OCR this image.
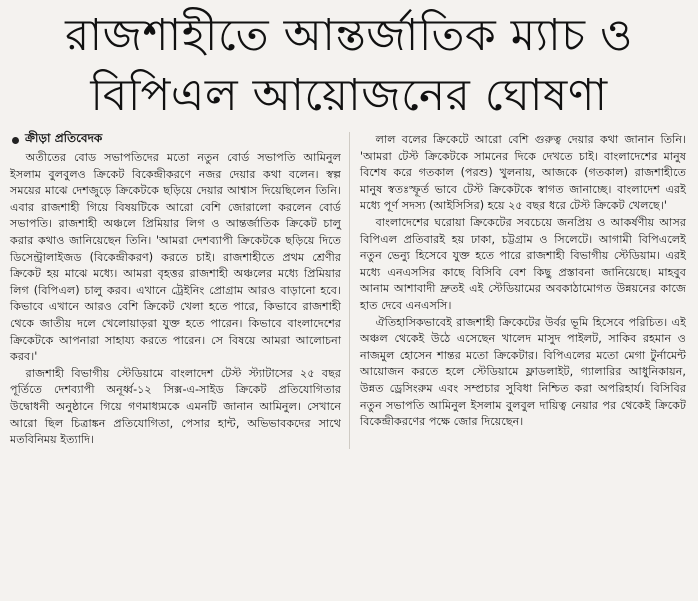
রাজশাহীতে আন্তর্জাতিক ম্যাচ ও
বিপিএল আয়োজনের ঘোষণা
ক্রীড়া প্রতিবেদক

অতীতের বোড সভাপতিদের মতো নতুন বোর্ড সভাপতি আমিনুল ইসলাম বুলবুলও ক্রিকেট বিকেন্দ্রীকরণে নজর দেয়ার কথা বলেন। স্বল্প সময়ের মাঝে দেশজুড়ে ক্রিকেটকে ছড়িয়ে দেয়ার আশ্বাস দিয়েছিলেন তিনি। এবার রাজশাহী গিয়ে বিষয়টিকে আরো বেশি জোরালো করলেন বোর্ড সভাপতি। রাজশাহী অঞ্চলে প্রিমিয়ার লিগ ও আন্তর্জাতিক ক্রিকেট চালু করার কথাও জানিয়েছেন তিনি। 'আমরা দেশব্যাপী ক্রিকেটকে ছড়িয়ে দিতে ডিসেন্ট্রালাইজড (বিকেন্দ্রীকরণ) করতে চাই। রাজশাহীতে প্রথম শ্রেণীর ক্রিকেট হয় মাঝে মধ্যে। আমরা বৃহত্তর রাজশাহী অঞ্চলের মধ্যে প্রিমিয়ার লিগ (বিপিএল) চালু করব। এখানে ট্রেইনিং প্রোগ্রাম আরও বাড়ানো হবে। কিভাবে এখানে আরও বেশি ক্রিকেট খেলা হতে পারে, কিভাবে রাজশাহী থেকে জাতীয় দলে খেলোয়াড়রা যুক্ত হতে পারেন। কিভাবে বাংলাদেশের ক্রিকেটকে আপনারা সাহায্য করতে পারেন। সে বিষয়ে আমরা আলোচনা করব।'

রাজশাহী বিভাগীয় স্টেডিয়ামে বাংলাদেশ টেস্ট স্ট্যাটাসের ২৫ বছর পূর্তিতে দেশব্যাপী অনূর্ধ্ব-১২ সিক্স-এ-সাইড ক্রিকেট প্রতিযোগিতার উদ্বোধনী অনুষ্ঠানে গিয়ে গণমাধ্যমকে এমনটি জানান আমিনুল। সেখানে আরো ছিল চিত্রাঙ্কন প্রতিযোগিতা, পেসার হান্ট, অভিভাবকদের সাথে মতবিনিময় ইত্যাদি।

লাল বলের ক্রিকেটে আরো বেশি গুরুত্ব দেয়ার কথা জানান তিনি। 'আমরা টেস্ট ক্রিকেটকে সামনের দিকে দেখতে চাই। বাংলাদেশের মানুষ বিশেষ করে গতকাল (পরশু) খুলনায়, আজকে (গতকাল) রাজশাহীতে মানুষ স্বতঃস্ফূর্ত ভাবে টেস্ট ক্রিকেটকে স্বাগত জানাচ্ছে। বাংলাদেশ এরই মধ্যে পূর্ণ সদস্য (আইসিসির) হয়ে ২৫ বছর ধরে টেস্ট ক্রিকেট খেলছে।'

বাংলাদেশের ঘরোয়া ক্রিকেটের সবচেয়ে জনপ্রিয় ও আকর্ষণীয় আসর বিপিএল প্রতিবারই হয় ঢাকা, চট্টগ্রাম ও সিলেটে। আগামী বিপিএলেই নতুন ভেন্যু হিসেবে যুক্ত হতে পারে রাজশাহী বিভাগীয় স্টেডিয়াম। এরই মধ্যে এনএসসির কাছে বিসিবি বেশ কিছু প্রস্তাবনা জানিয়েছে। মাহবুব আনাম আশাবাদী দ্রুতই এই স্টেডিয়ামের অবকাঠামোগত উন্নয়নের কাজে হাত দেবে এনএসসি।

ঐতিহাসিকভাবেই রাজশাহী ক্রিকেটের উর্বর ভূমি হিসেবে পরিচিত। এই অঞ্চল থেকেই উঠে এসেছেন খালেদ মাসুদ পাইলট, সাকিব রহমান ও নাজমুল হোসেন শান্তর মতো ক্রিকেটার। বিপিএলের মতো মেগা টুর্নামেন্ট আয়োজন করতে হলে স্টেডিয়ামে ফ্লাডলাইট, গ্যালারির আধুনিকায়ন, উন্নত ড্রেসিংরুম এবং সম্প্রচার সুবিধা নিশ্চিত করা অপরিহার্য। বিসিবির নতুন সভাপতি আমিনুল ইসলাম বুলবুল দায়িত্ব নেয়ার পর থেকেই ক্রিকেট বিকেন্দ্রীকরণের পক্ষে জোর দিয়েছেন।
